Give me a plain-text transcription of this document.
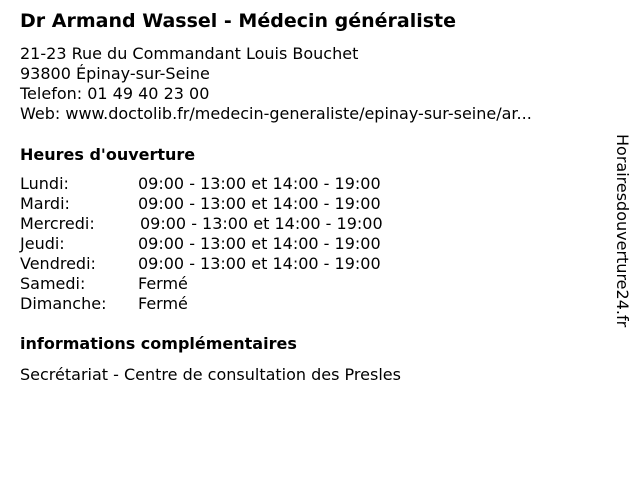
Dr Armand Wassel - Médecin généraliste
21-23 Rue du Commandant Louis Bouchet
93800 Épinay-sur-Seine
Telefon: 01 49 40 23 00
Web: www.doctolib.fr/medecin-generaliste/epinay-sur-seine/ar...
Heures d'ouverture
Lundi:	09:00 - 13:00 et 14:00 - 19:00
Mardi:	09:00 - 13:00 et 14:00 - 19:00
Mercredi:	09:00 - 13:00 et 14:00 - 19:00
Jeudi:	09:00 - 13:00 et 14:00 - 19:00
Vendredi:	09:00 - 13:00 et 14:00 - 19:00
Samedi:	Fermé
Dimanche: Fermé
informations complémentaires
Secrétariat - Centre de consultation des Presles
Horairesdouverture24.fr
